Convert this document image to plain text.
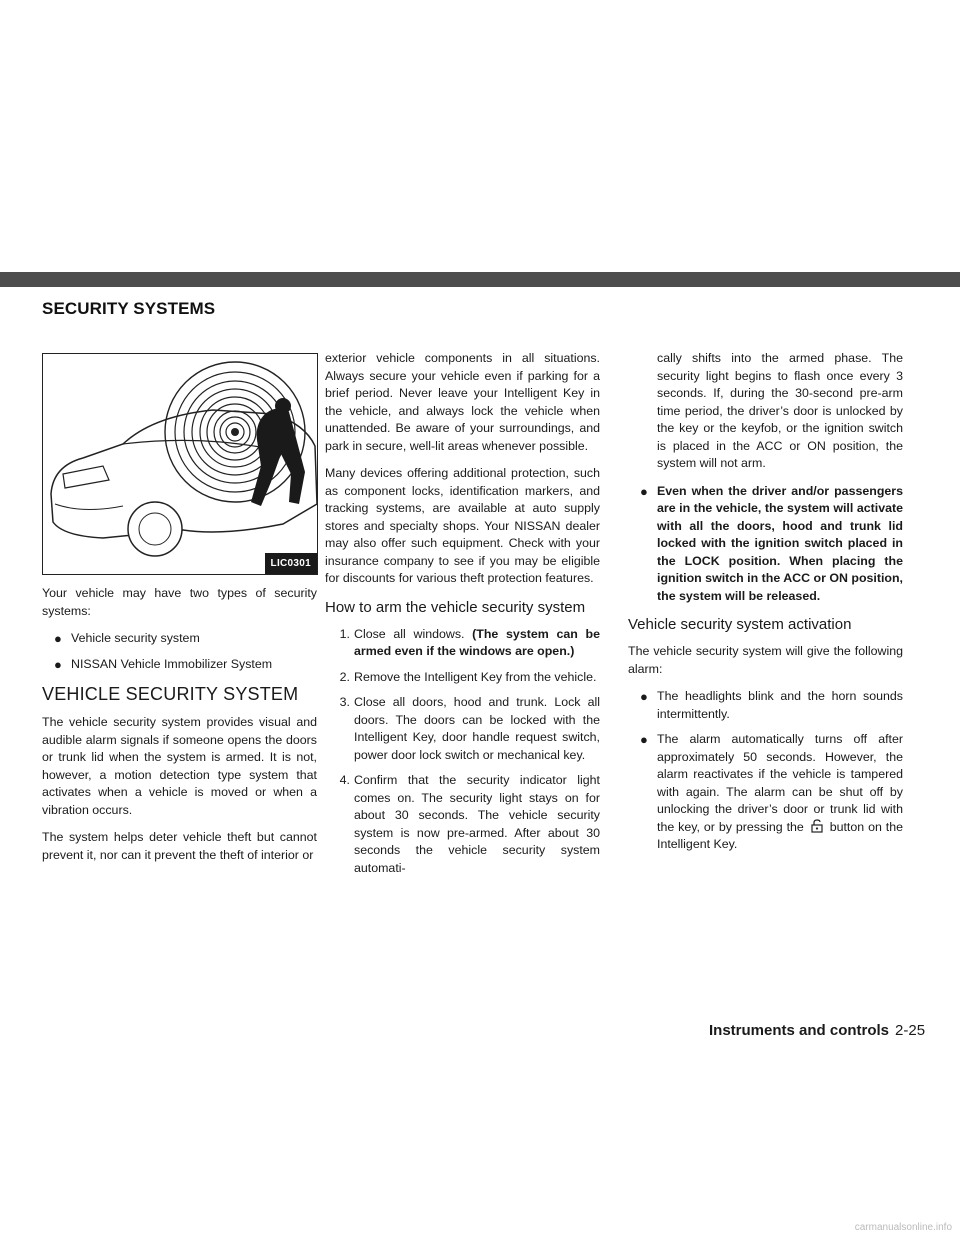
SECURITY SYSTEMS
LIC0301

Your vehicle may have two types of security systems:

● Vehicle security system
● NISSAN Vehicle Immobilizer System
VEHICLE SECURITY SYSTEM

The vehicle security system provides visual and audible alarm signals if someone opens the doors or trunk lid when the system is armed. It is not, however, a motion detection type system that activates when a vehicle is moved or when a vibration occurs.

The system helps deter vehicle theft but cannot prevent it, nor can it prevent the theft of interior or

exterior vehicle components in all situations. Always secure your vehicle even if parking for a brief period. Never leave your Intelligent Key in the vehicle, and always lock the vehicle when unattended. Be aware of your surroundings, and park in secure, well-lit areas whenever possible.

Many devices offering additional protection, such as component locks, identification markers, and tracking systems, are available at auto supply stores and specialty shops. Your NISSAN dealer may also offer such equipment. Check with your insurance company to see if you may be eligible for discounts for various theft protection features.

How to arm the vehicle security system
1. Close all windows. (The system can be armed even if the windows are open.)
2. Remove the Intelligent Key from the vehicle.
3. Close all doors, hood and trunk. Lock all doors. The doors can be locked with the Intelligent Key, door handle request switch, power door lock switch or mechanical key.
4. Confirm that the security indicator light comes on. The security light stays on for about 30 seconds. The vehicle security system is now pre-armed. After about 30 seconds the vehicle security system automati-

cally shifts into the armed phase. The security light begins to flash once every 3 seconds. If, during the 30-second pre-arm time period, the driver’s door is unlocked by the key or the keyfob, or the ignition switch is placed in the ACC or ON position, the system will not arm.

● Even when the driver and/or passengers are in the vehicle, the system will activate with all the doors, hood and trunk lid locked with the ignition switch placed in the LOCK position. When placing the ignition switch in the ACC or ON position, the system will be released.
Vehicle security system activation

The vehicle security system will give the following alarm:

● The headlights blink and the horn sounds intermittently.
● The alarm automatically turns off after approximately 50 seconds. However, the alarm reactivates if the vehicle is tampered with again. The alarm can be shut off by unlocking the driver’s door or trunk lid with the key, or by pressing the button on the Intelligent Key.
Instruments and controls 2-25
carmanualsonline.info
